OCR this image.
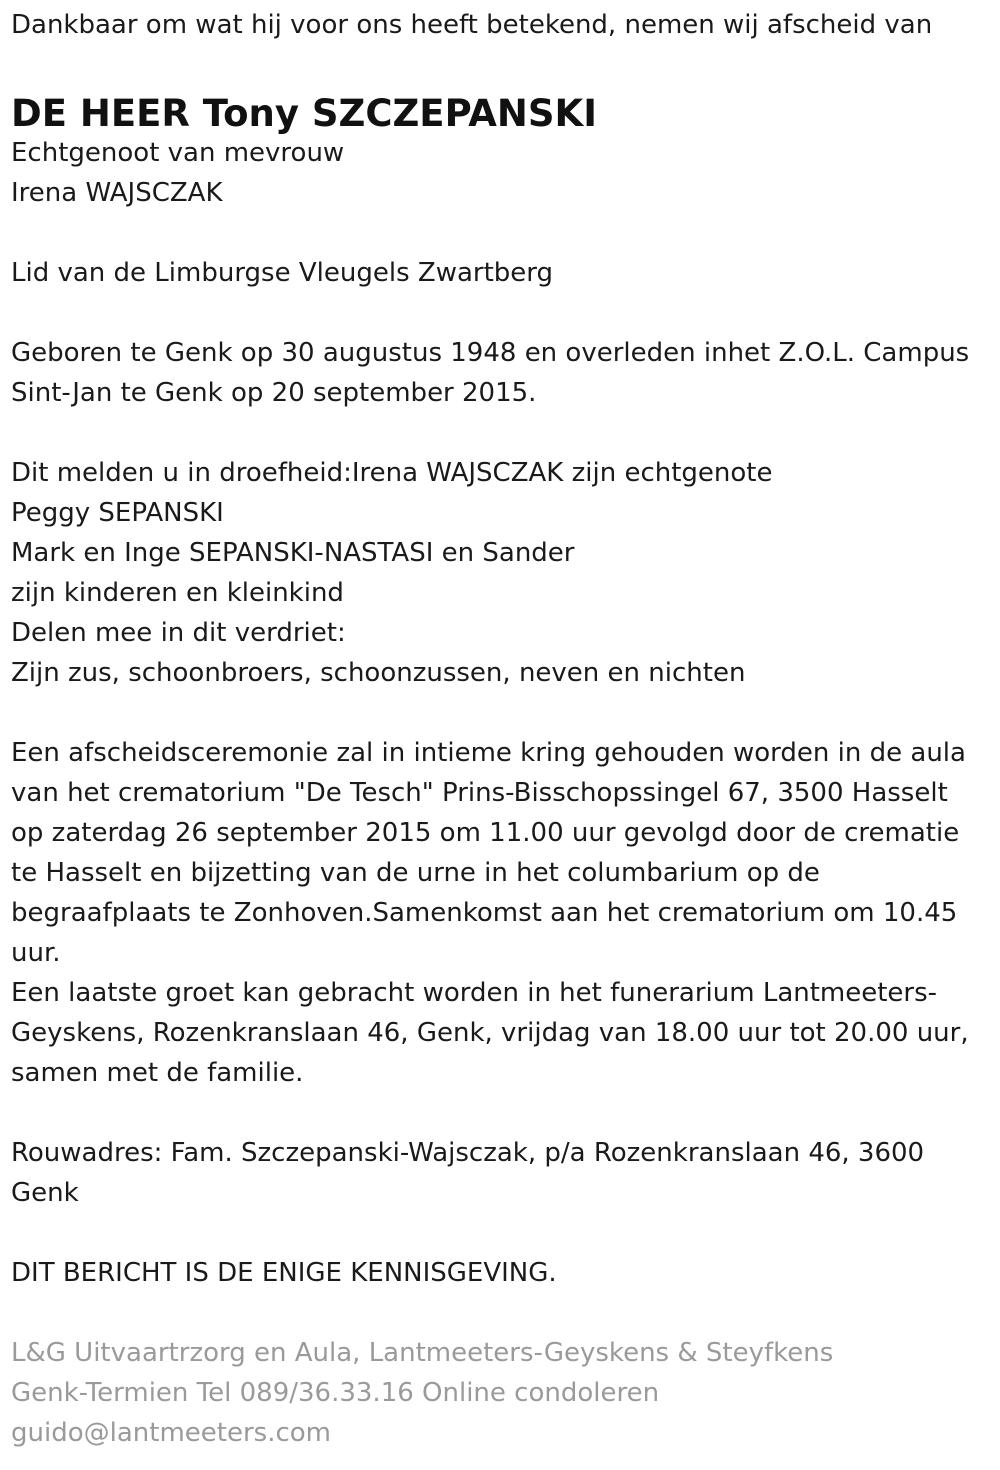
Dankbaar om wat hij voor ons heeft betekend, nemen wij afscheid van
DE HEER Tony SZCZEPANSKI
Echtgenoot van mevrouw
Irena WAJSCZAK
Lid van de Limburgse Vleugels Zwartberg
Geboren te Genk op 30 augustus 1948 en overleden inhet Z.O.L. Campus
Sint-Jan te Genk op 20 september 2015.
Dit melden u in droefheid:Irena WAJSCZAK zijn echtgenote
Peggy SEPANSKI
Mark en Inge SEPANSKI-NASTASI en Sander
zijn kinderen en kleinkind
Delen mee in dit verdriet:
Zijn zus, schoonbroers, schoonzussen, neven en nichten
Een afscheidsceremonie zal in intieme kring gehouden worden in de aula
van het crematorium "De Tesch" Prins-Bisschopssingel 67, 3500 Hasselt
op zaterdag 26 september 2015 om 11.00 uur gevolgd door de crematie
te Hasselt en bijzetting van de urne in het columbarium op de
begraafplaats te Zonhoven.Samenkomst aan het crematorium om 10.45
uur.
Een laatste groet kan gebracht worden in het funerarium Lantmeeters-
Geyskens, Rozenkranslaan 46, Genk, vrijdag van 18.00 uur tot 20.00 uur,
samen met de familie.
Rouwadres: Fam. Szczepanski-Wajsczak, p/a Rozenkranslaan 46, 3600
Genk
DIT BERICHT IS DE ENIGE KENNISGEVING.
L&G Uitvaartrzorg en Aula, Lantmeeters-Geyskens & Steyfkens
Genk-Termien Tel 089/36.33.16 Online condoleren
guido@lantmeeters.com
